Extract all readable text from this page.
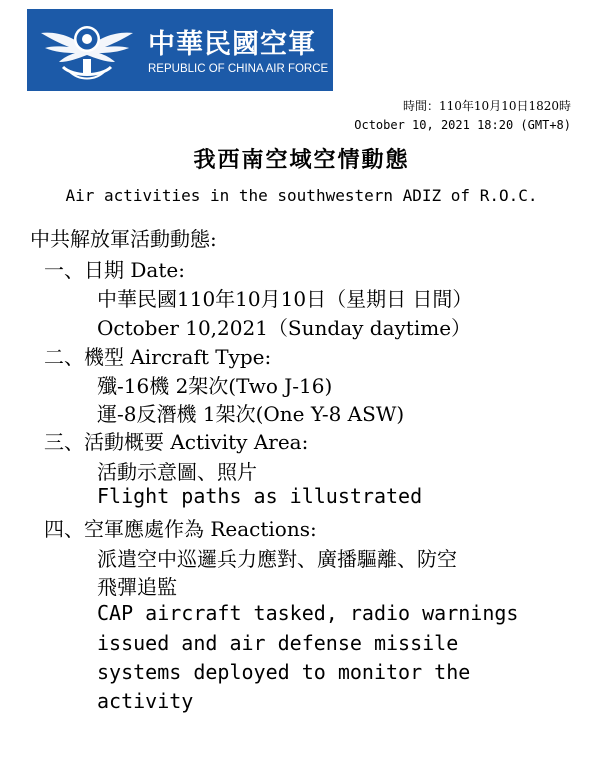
中華民國空軍
REPUBLIC OF CHINA AIR FORCE
時間：110年10月10日1820時
October 10, 2021 18:20 (GMT+8)
我西南空域空情動態
Air activities in the southwestern ADIZ of R.O.C.
中共解放軍活動動態:
一、日期 Date:
中華民國110年10月10日（星期日 日間）
October 10,2021（Sunday daytime）
二、機型 Aircraft Type:
殲-16機 2架次(Two J-16)
運-8反潛機 1架次(One Y-8 ASW)
三、活動概要 Activity Area:
活動示意圖、照片
Flight paths as illustrated
四、空軍應處作為 Reactions:
派遣空中巡邏兵力應對、廣播驅離、防空
飛彈追監
CAP aircraft tasked, radio warnings
issued and air defense missile
systems deployed to monitor the
activity
